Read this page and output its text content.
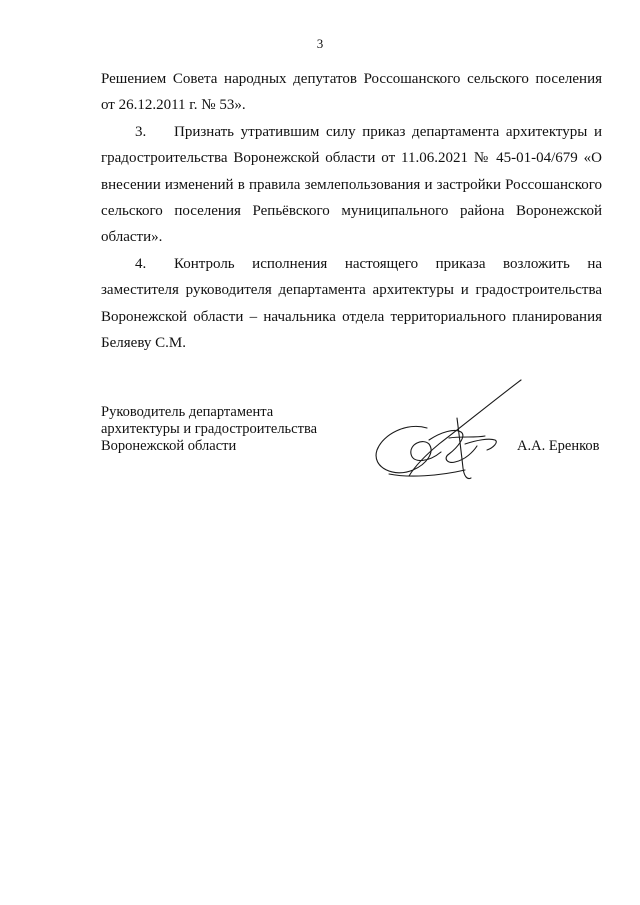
3

Решением Совета народных депутатов Россошанского сельского поселения от 26.12.2011 г. № 53».

3. Признать утратившим силу приказ департамента архитектуры и градостроительства Воронежской области от 11.06.2021 № 45-01-04/679 «О внесении изменений в правила землепользования и застройки Россошанского сельского поселения Репьёвского муниципального района Воронежской области».

4. Контроль исполнения настоящего приказа возложить на заместителя руководителя департамента архитектуры и градостроительства Воронежской области – начальника отдела территориального планирования Беляеву С.М.

Руководитель департамента
архитектуры и градостроительства
Воронежской области	А.А. Еренков
